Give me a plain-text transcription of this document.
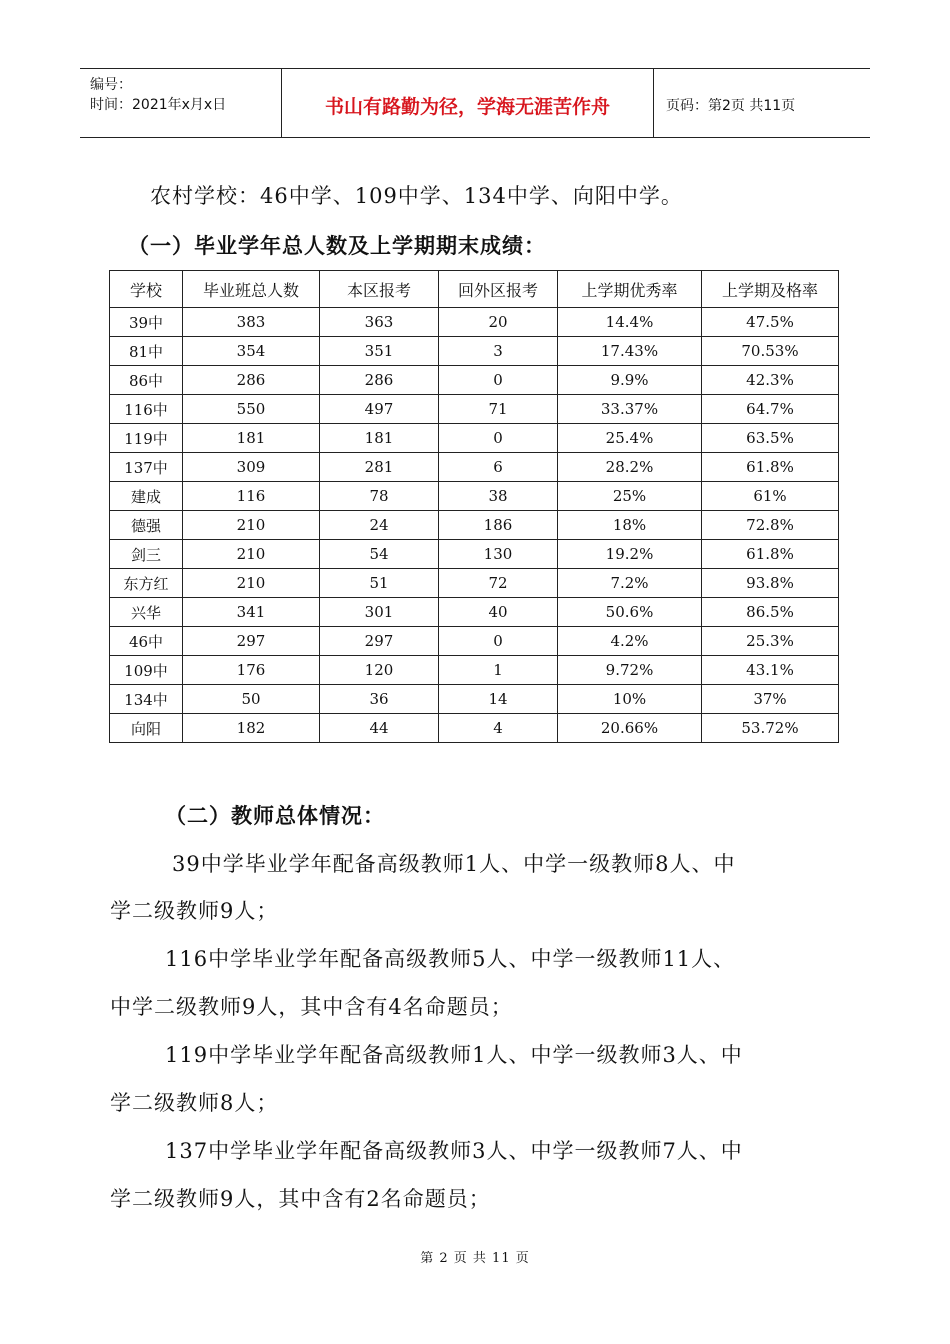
编号：
时间：2021年x月x日	书山有路勤为径，学海无涯苦作舟	页码：第2页 共11页
农村学校：46中学、109中学、134中学、向阳中学。
（一）毕业学年总人数及上学期期末成绩：
学校	毕业班总人数	本区报考	回外区报考	上学期优秀率	上学期及格率
39中	383	363	20	14.4%	47.5%
81中	354	351	3	17.43%	70.53%
86中	286	286	0	9.9%	42.3%
116中	550	497	71	33.37%	64.7%
119中	181	181	0	25.4%	63.5%
137中	309	281	6	28.2%	61.8%
建成	116	78	38	25%	61%
德强	210	24	186	18%	72.8%
剑三	210	54	130	19.2%	61.8%
东方红	210	51	72	7.2%	93.8%
兴华	341	301	40	50.6%	86.5%
46中	297	297	0	4.2%	25.3%
109中	176	120	1	9.72%	43.1%
134中	50	36	14	10%	37%
向阳	182	44	4	20.66%	53.72%
（二）教师总体情况：
39中学毕业学年配备高级教师1人、中学一级教师8人、中
学二级教师9人；
116中学毕业学年配备高级教师5人、中学一级教师11人、
中学二级教师9人，其中含有4名命题员；
119中学毕业学年配备高级教师1人、中学一级教师3人、中
学二级教师8人；
137中学毕业学年配备高级教师3人、中学一级教师7人、中
学二级教师9人，其中含有2名命题员；
第 2 页 共 11 页
